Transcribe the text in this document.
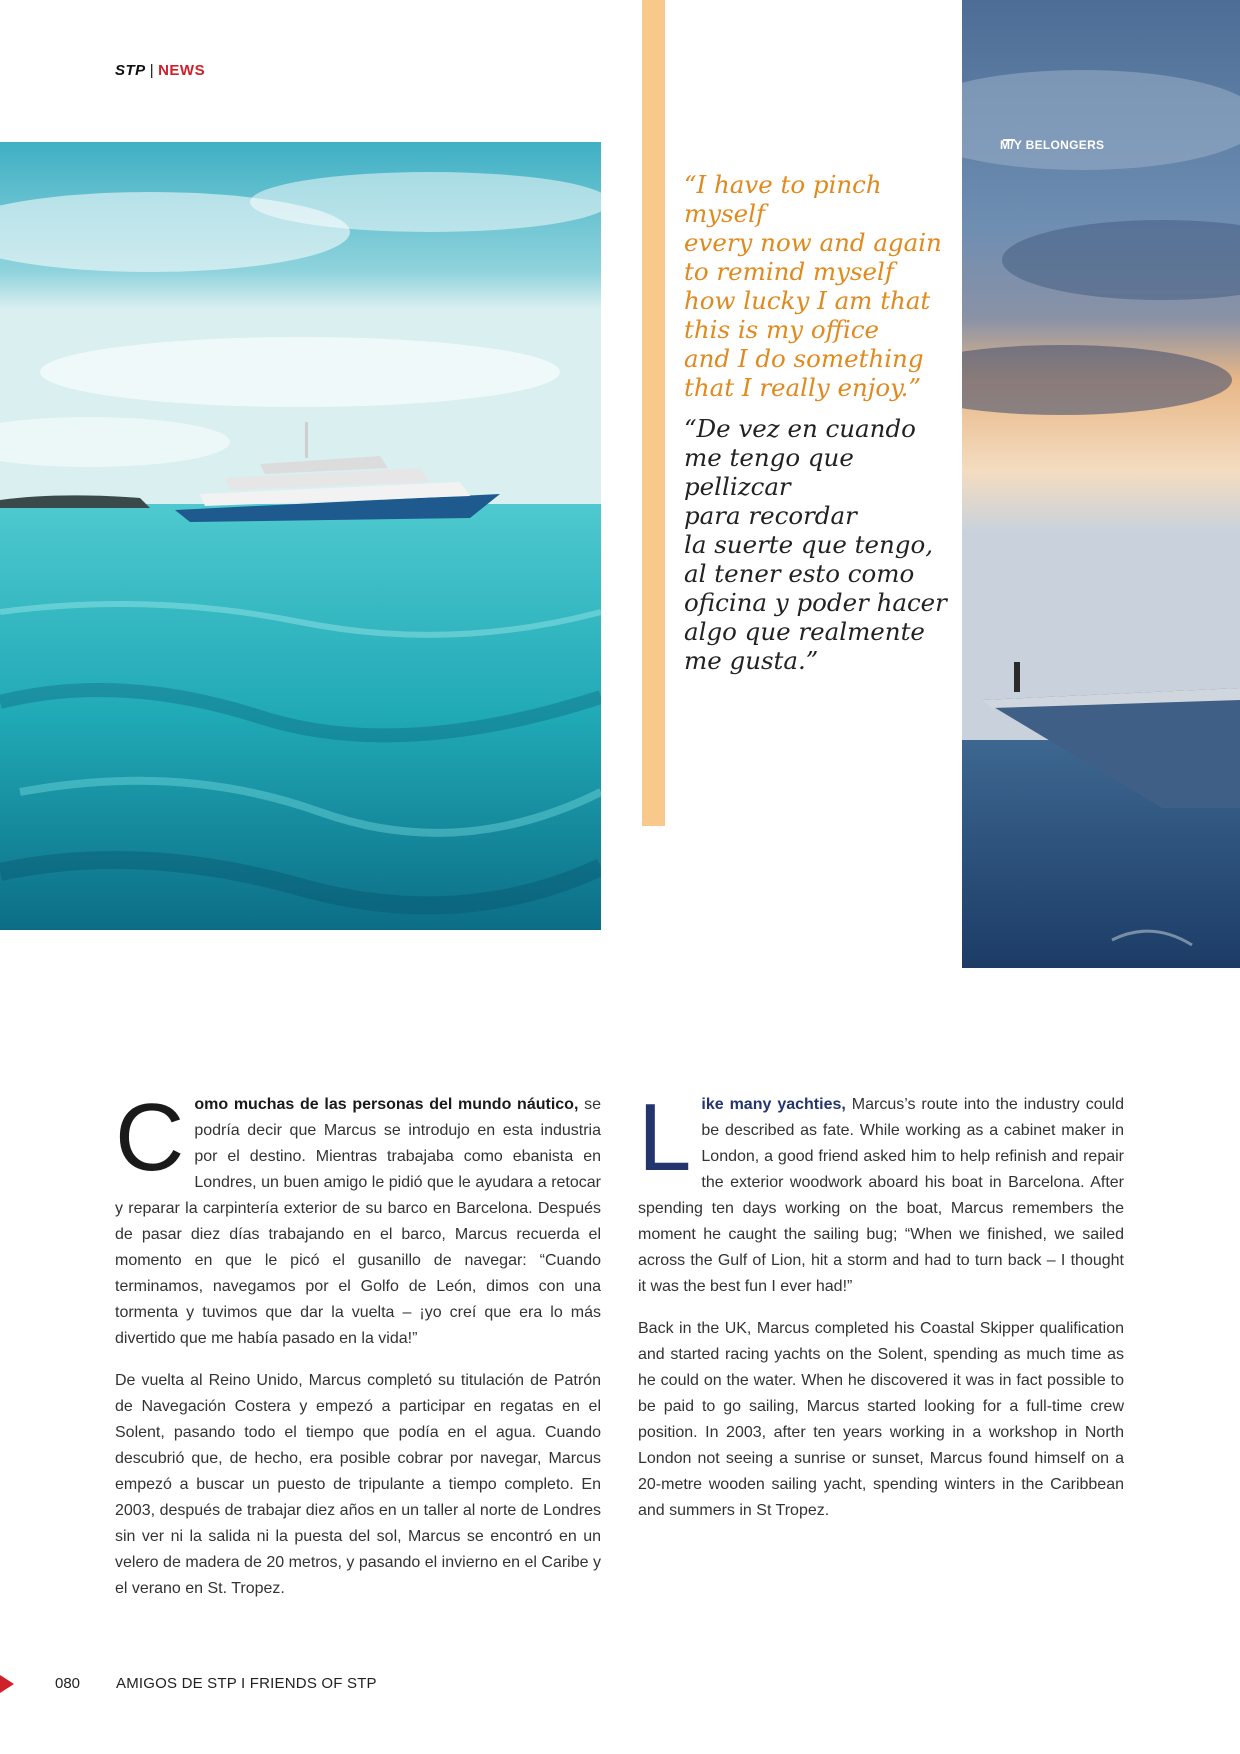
STP | NEWS
“I have to pinch myself
every now and again
to remind myself
how lucky I am that
this is my office
and I do something
that I really enjoy.”
“De vez en cuando
me tengo que pellizcar
para recordar
la suerte que tengo,
al tener esto como
oficina y poder hacer
algo que realmente
me gusta.”
M/Y BELONGERS

Como muchas de las personas del mundo náutico, se podría decir que Marcus se introdujo en esta industria por el destino. Mientras trabajaba como ebanista en Londres, un buen amigo le pidió que le ayudara a retocar y reparar la carpintería exterior de su barco en Barcelona. Después de pasar diez días trabajando en el barco, Marcus recuerda el momento en que le picó el gusanillo de navegar: “Cuando terminamos, navegamos por el Golfo de León, dimos con una tormenta y tuvimos que dar la vuelta – ¡yo creí que era lo más divertido que me había pasado en la vida!”

De vuelta al Reino Unido, Marcus completó su titulación de Patrón de Navegación Costera y empezó a participar en regatas en el Solent, pasando todo el tiempo que podía en el agua. Cuando descubrió que, de hecho, era posible cobrar por navegar, Marcus empezó a buscar un puesto de tripulante a tiempo completo. En 2003, después de trabajar diez años en un taller al norte de Londres sin ver ni la salida ni la puesta del sol, Marcus se encontró en un velero de madera de 20 metros, y pasando el invierno en el Caribe y el verano en St. Tropez.

Like many yachties, Marcus’s route into the industry could be described as fate. While working as a cabinet maker in London, a good friend asked him to help refinish and repair the exterior woodwork aboard his boat in Barcelona. After spending ten days working on the boat, Marcus remembers the moment he caught the sailing bug; “When we finished, we sailed across the Gulf of Lion, hit a storm and had to turn back – I thought it was the best fun I ever had!”

Back in the UK, Marcus completed his Coastal Skipper qualification and started racing yachts on the Solent, spending as much time as he could on the water. When he discovered it was in fact possible to be paid to go sailing, Marcus started looking for a full-time crew position. In 2003, after ten years working in a workshop in North London not seeing a sunrise or sunset, Marcus found himself on a 20-metre wooden sailing yacht, spending winters in the Caribbean and summers in St Tropez.

080 AMIGOS DE STP I FRIENDS OF STP
